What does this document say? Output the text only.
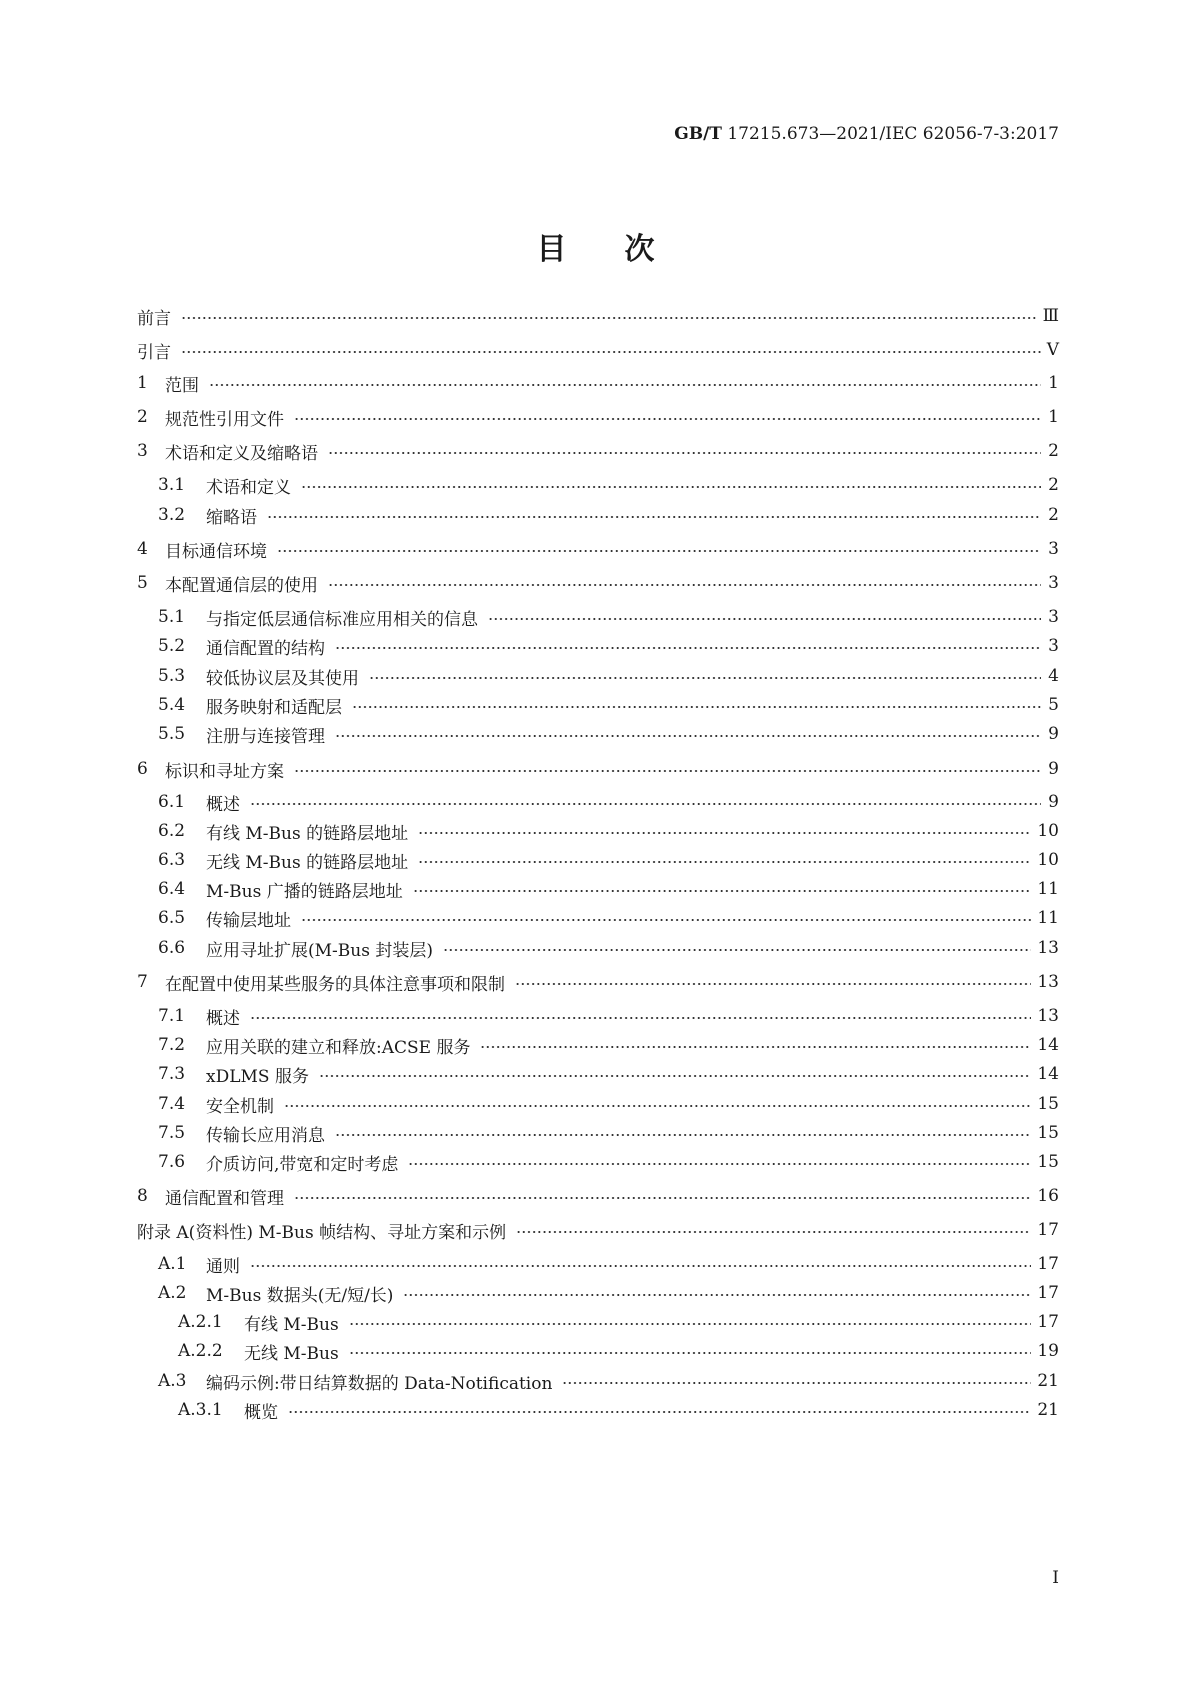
GB/T 17215.673—2021/IEC 62056-7-3:2017
目次
前言	Ⅲ
引言	Ⅴ
1	范围	1
2	规范性引用文件	1
3	术语和定义及缩略语	2
3.1	术语和定义	2
3.2	缩略语	2
4	目标通信环境	3
5	本配置通信层的使用	3
5.1	与指定低层通信标准应用相关的信息	3
5.2	通信配置的结构	3
5.3	较低协议层及其使用	4
5.4	服务映射和适配层	5
5.5	注册与连接管理	9
6	标识和寻址方案	9
6.1	概述	9
6.2	有线 M-Bus 的链路层地址	10
6.3	无线 M-Bus 的链路层地址	10
6.4	M-Bus 广播的链路层地址	11
6.5	传输层地址	11
6.6	应用寻址扩展(M-Bus 封装层)	13
7	在配置中使用某些服务的具体注意事项和限制	13
7.1	概述	13
7.2	应用关联的建立和释放:ACSE 服务	14
7.3	xDLMS 服务	14
7.4	安全机制	15
7.5	传输长应用消息	15
7.6	介质访问,带宽和定时考虑	15
8	通信配置和管理	16
附录 A(资料性) M-Bus 帧结构、寻址方案和示例	17
A.1	通则	17
A.2	M-Bus 数据头(无/短/长)	17
A.2.1	有线 M-Bus	17
A.2.2	无线 M-Bus	19
A.3	编码示例:带日结算数据的 Data-Notification	21
A.3.1	概览	21
I
